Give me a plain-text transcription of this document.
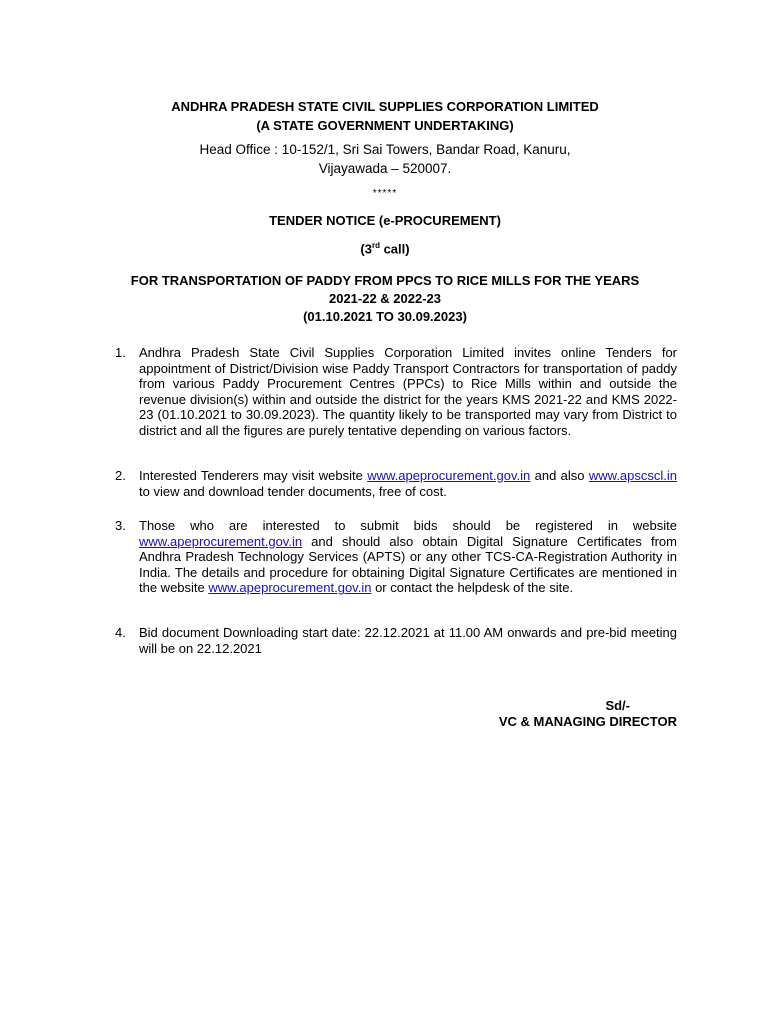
ANDHRA PRADESH STATE CIVIL SUPPLIES CORPORATION LIMITED
(A STATE GOVERNMENT UNDERTAKING)
Head Office : 10-152/1, Sri Sai Towers, Bandar Road, Kanuru,
Vijayawada – 520007.
*****
TENDER NOTICE (e-PROCUREMENT)
(3rd call)
FOR TRANSPORTATION OF PADDY FROM PPCS TO RICE MILLS FOR THE YEARS
2021-22 & 2022-23
(01.10.2021 TO 30.09.2023)
1.	Andhra Pradesh State Civil Supplies Corporation Limited invites online Tenders for appointment of District/Division wise Paddy Transport Contractors for transportation of paddy from various Paddy Procurement Centres (PPCs) to Rice Mills within and outside the revenue division(s) within and outside the district for the years KMS 2021-22 and KMS 2022-23 (01.10.2021 to 30.09.2023). The quantity likely to be transported may vary from District to district and all the figures are purely tentative depending on various factors.
2.	Interested Tenderers may visit website www.apeprocurement.gov.in and also www.apscscl.in to view and download tender documents, free of cost.
3.	Those who are interested to submit bids should be registered in website www.apeprocurement.gov.in and should also obtain Digital Signature Certificates from Andhra Pradesh Technology Services (APTS) or any other TCS-CA-Registration Authority in India. The details and procedure for obtaining Digital Signature Certificates are mentioned in the website www.apeprocurement.gov.in or contact the helpdesk of the site.
4.	Bid document Downloading start date: 22.12.2021 at 11.00 AM onwards and pre-bid meeting will be on 22.12.2021
Sd/-
VC & MANAGING DIRECTOR
